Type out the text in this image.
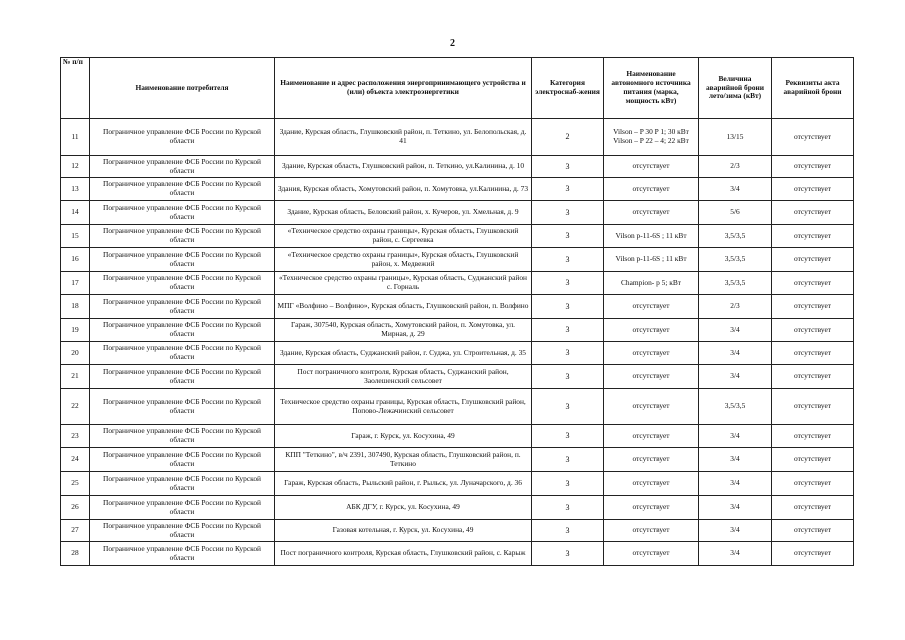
2
№ п/п	Наименование потребителя	Наименование и адрес расположения энергопринимающего устройства и (или) объекта электроэнергетики	Категория электроснаб-жения	Наименование автономного источника питания (марка, мощность кВт)	Величина аварийной брони лето/зима (кВт)	Реквизиты акта аварийной брони
11	Пограничное управление ФСБ России по Курской области	Здание, Курская область, Глушковский район, п. Теткино, ул. Белопольская, д. 41	2	Vilson – P 30 P 1; 30 кВт Vilson – P 22 – 4; 22 кВт	13/15	отсутствует
12	Пограничное управление ФСБ России по Курской области	Здание, Курская область, Глушковский район, п. Теткино, ул.Калинина, д. 10	3	отсутствует	2/3	отсутствует
13	Пограничное управление ФСБ России по Курской области	Здания, Курская область, Хомутовский район, п. Хомутовка, ул.Калинина, д. 73	3	отсутствует	3/4	отсутствует
14	Пограничное управление ФСБ России по Курской области	Здание, Курская область, Беловский район, х. Кучеров, ул. Хмельная, д. 9	3	отсутствует	5/6	отсутствует
15	Пограничное управление ФСБ России по Курской области	«Техническое средство охраны границы», Курская область, Глушковский район, с. Сергеевка	3	Vilson p-11-6S ; 11 кВт	3,5/3,5	отсутствует
16	Пограничное управление ФСБ России по Курской области	«Техническое средство охраны границы», Курская область, Глушковский район, х. Медвежий	3	Vilson p-11-6S ; 11 кВт	3,5/3,5	отсутствует
17	Пограничное управление ФСБ России по Курской области	«Техническое средство охраны границы», Курская область, Суджанский район с. Горналь	3	Champion- p 5; кВт	3,5/3,5	отсутствует
18	Пограничное управление ФСБ России по Курской области	МПГ «Волфино – Волфино», Курская область, Глушковский район, п. Волфино	3	отсутствует	2/3	отсутствует
19	Пограничное управление ФСБ России по Курской области	Гараж, 307540, Курская область, Хомутовский район, п. Хомутовка, ул. Мирная, д. 29	3	отсутствует	3/4	отсутствует
20	Пограничное управление ФСБ России по Курской области	Здание, Курская область, Суджанский район, г. Суджа, ул. Строительная, д. 35	3	отсутствует	3/4	отсутствует
21	Пограничное управление ФСБ России по Курской области	Пост пограничного контроля, Курская область, Суджанский район, Заолешенский сельсовет	3	отсутствует	3/4	отсутствует
22	Пограничное управление ФСБ России по Курской области	Техническое средство охраны границы, Курская область, Глушковский район, Попово-Лежачинский сельсовет	3	отсутствует	3,5/3,5	отсутствует
23	Пограничное управление ФСБ России по Курской области	Гараж, г. Курск, ул. Косухина, 49	3	отсутствует	3/4	отсутствует
24	Пограничное управление ФСБ России по Курской области	КПП "Теткино", в/ч 2391, 307490, Курская область, Глушковский район, п. Теткино	3	отсутствует	3/4	отсутствует
25	Пограничное управление ФСБ России по Курской области	Гараж, Курская область, Рыльский район, г. Рыльск, ул. Луначарского, д. 36	3	отсутствует	3/4	отсутствует
26	Пограничное управление ФСБ России по Курской области	АБК ДГУ, г. Курск, ул. Косухина, 49	3	отсутствует	3/4	отсутствует
27	Пограничное управление ФСБ России по Курской области	Газовая котельная, г. Курск, ул. Косухина, 49	3	отсутствует	3/4	отсутствует
28	Пограничное управление ФСБ России по Курской области	Пост пограничного контроля, Курская область, Глушковский район, с. Карыж	3	отсутствует	3/4	отсутствует
